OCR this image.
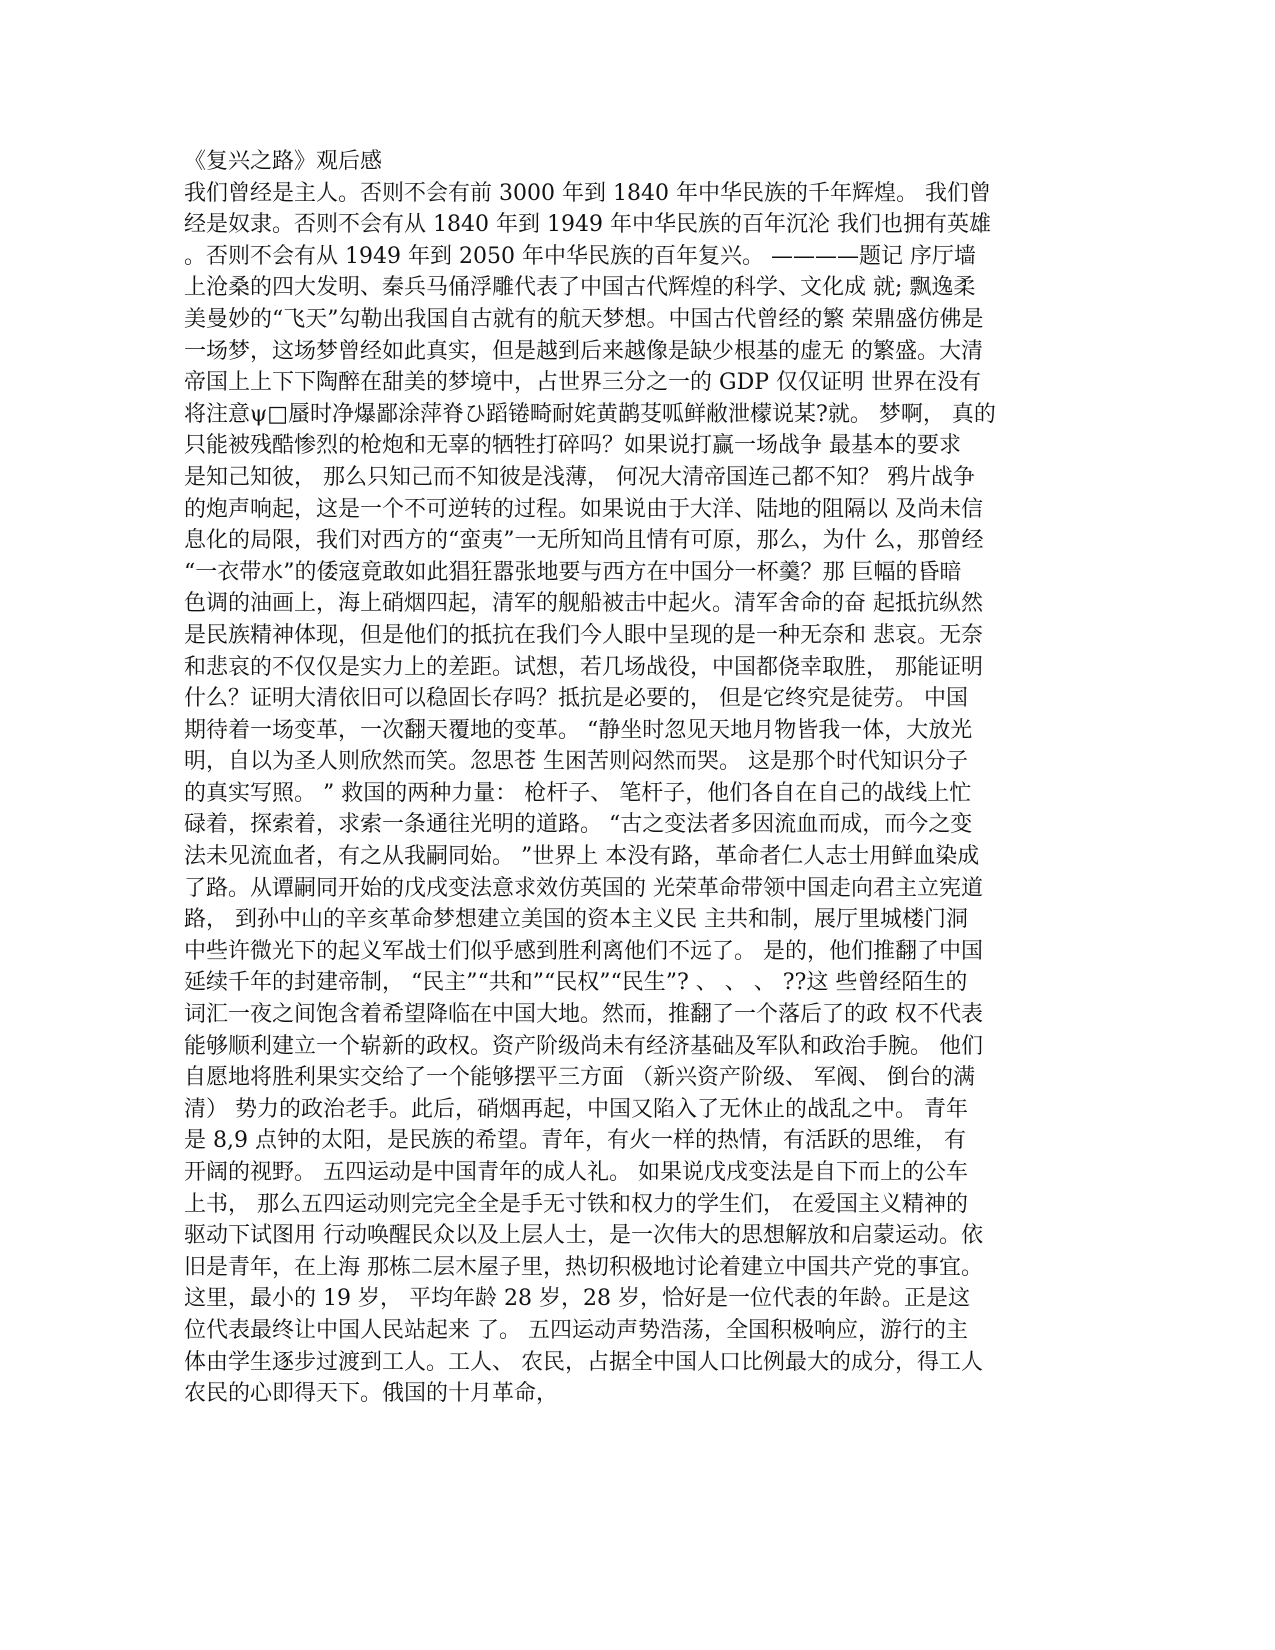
《复兴之路》观后感
我们曾经是主人。否则不会有前 3000 年到 1840 年中华民族的千年辉煌。 我们曾
经是奴隶。否则不会有从 1840 年到 1949 年中华民族的百年沉沦 我们也拥有英雄
。否则不会有从 1949 年到 2050 年中华民族的百年复兴。 ————题记 序厅墙
上沧桑的四大发明、秦兵马俑浮雕代表了中国古代辉煌的科学、文化成 就; 飘逸柔
美曼妙的“飞天”勾勒出我国自古就有的航天梦想。中国古代曾经的繁 荣鼎盛仿佛是
一场梦，这场梦曾经如此真实，但是越到后来越像是缺少根基的虚无 的繁盛。大清
帝国上上下下陶醉在甜美的梦境中，占世界三分之一的 GDP 仅仅证明 世界在没有
将注意ψ□蜃时净爆鄙涂萍脊ひ蹈锩畸耐姹黄鹋芟呱鲜敝泄檬说某?就。 梦啊， 真的
只能被残酷惨烈的枪炮和无辜的牺牲打碎吗？如果说打赢一场战争 最基本的要求
是知己知彼， 那么只知己而不知彼是浅薄， 何况大清帝国连己都不知？ 鸦片战争
的炮声响起，这是一个不可逆转的过程。如果说由于大洋、陆地的阻隔以 及尚未信
息化的局限，我们对西方的“蛮夷”一无所知尚且情有可原，那么，为什 么，那曾经
“一衣带水”的倭寇竟敢如此猖狂嚣张地要与西方在中国分一杯羹？那 巨幅的昏暗
色调的油画上，海上硝烟四起，清军的舰船被击中起火。清军舍命的奋 起抵抗纵然
是民族精神体现，但是他们的抵抗在我们今人眼中呈现的是一种无奈和 悲哀。无奈
和悲哀的不仅仅是实力上的差距。试想，若几场战役，中国都侥幸取胜， 那能证明
什么？证明大清依旧可以稳固长存吗？抵抗是必要的， 但是它终究是徒劳。 中国
期待着一场变革，一次翻天覆地的变革。 “静坐时忽见天地月物皆我一体，大放光
明，自以为圣人则欣然而笑。忽思苍 生困苦则闷然而哭。 这是那个时代知识分子
的真实写照。 ” 救国的两种力量： 枪杆子、 笔杆子，他们各自在自己的战线上忙
碌着，探索着，求索一条通往光明的道路。 “古之变法者多因流血而成，而今之变
法未见流血者，有之从我嗣同始。 ”世界上 本没有路，革命者仁人志士用鲜血染成
了路。从谭嗣同开始的戊戌变法意求效仿英国的 光荣革命带领中国走向君主立宪道
路， 到孙中山的辛亥革命梦想建立美国的资本主义民 主共和制，展厅里城楼门洞
中些许微光下的起义军战士们似乎感到胜利离他们不远了。 是的，他们推翻了中国
延续千年的封建帝制， “民主”“共和”“民权”“民生”? 、 、 、 ??这 些曾经陌生的
词汇一夜之间饱含着希望降临在中国大地。然而，推翻了一个落后了的政 权不代表
能够顺利建立一个崭新的政权。资产阶级尚未有经济基础及军队和政治手腕。 他们
自愿地将胜利果实交给了一个能够摆平三方面 （新兴资产阶级、 军阀、 倒台的满
清） 势力的政治老手。此后，硝烟再起，中国又陷入了无休止的战乱之中。 青年
是 8,9 点钟的太阳，是民族的希望。青年，有火一样的热情，有活跃的思维， 有
开阔的视野。 五四运动是中国青年的成人礼。 如果说戊戌变法是自下而上的公车
上书， 那么五四运动则完完全全是手无寸铁和权力的学生们， 在爱国主义精神的
驱动下试图用 行动唤醒民众以及上层人士，是一次伟大的思想解放和启蒙运动。依
旧是青年，在上海 那栋二层木屋子里，热切积极地讨论着建立中国共产党的事宜。
这里，最小的 19 岁， 平均年龄 28 岁，28 岁，恰好是一位代表的年龄。正是这
位代表最终让中国人民站起来 了。 五四运动声势浩荡，全国积极响应，游行的主
体由学生逐步过渡到工人。工人、 农民，占据全中国人口比例最大的成分，得工人
农民的心即得天下。俄国的十月革命，
